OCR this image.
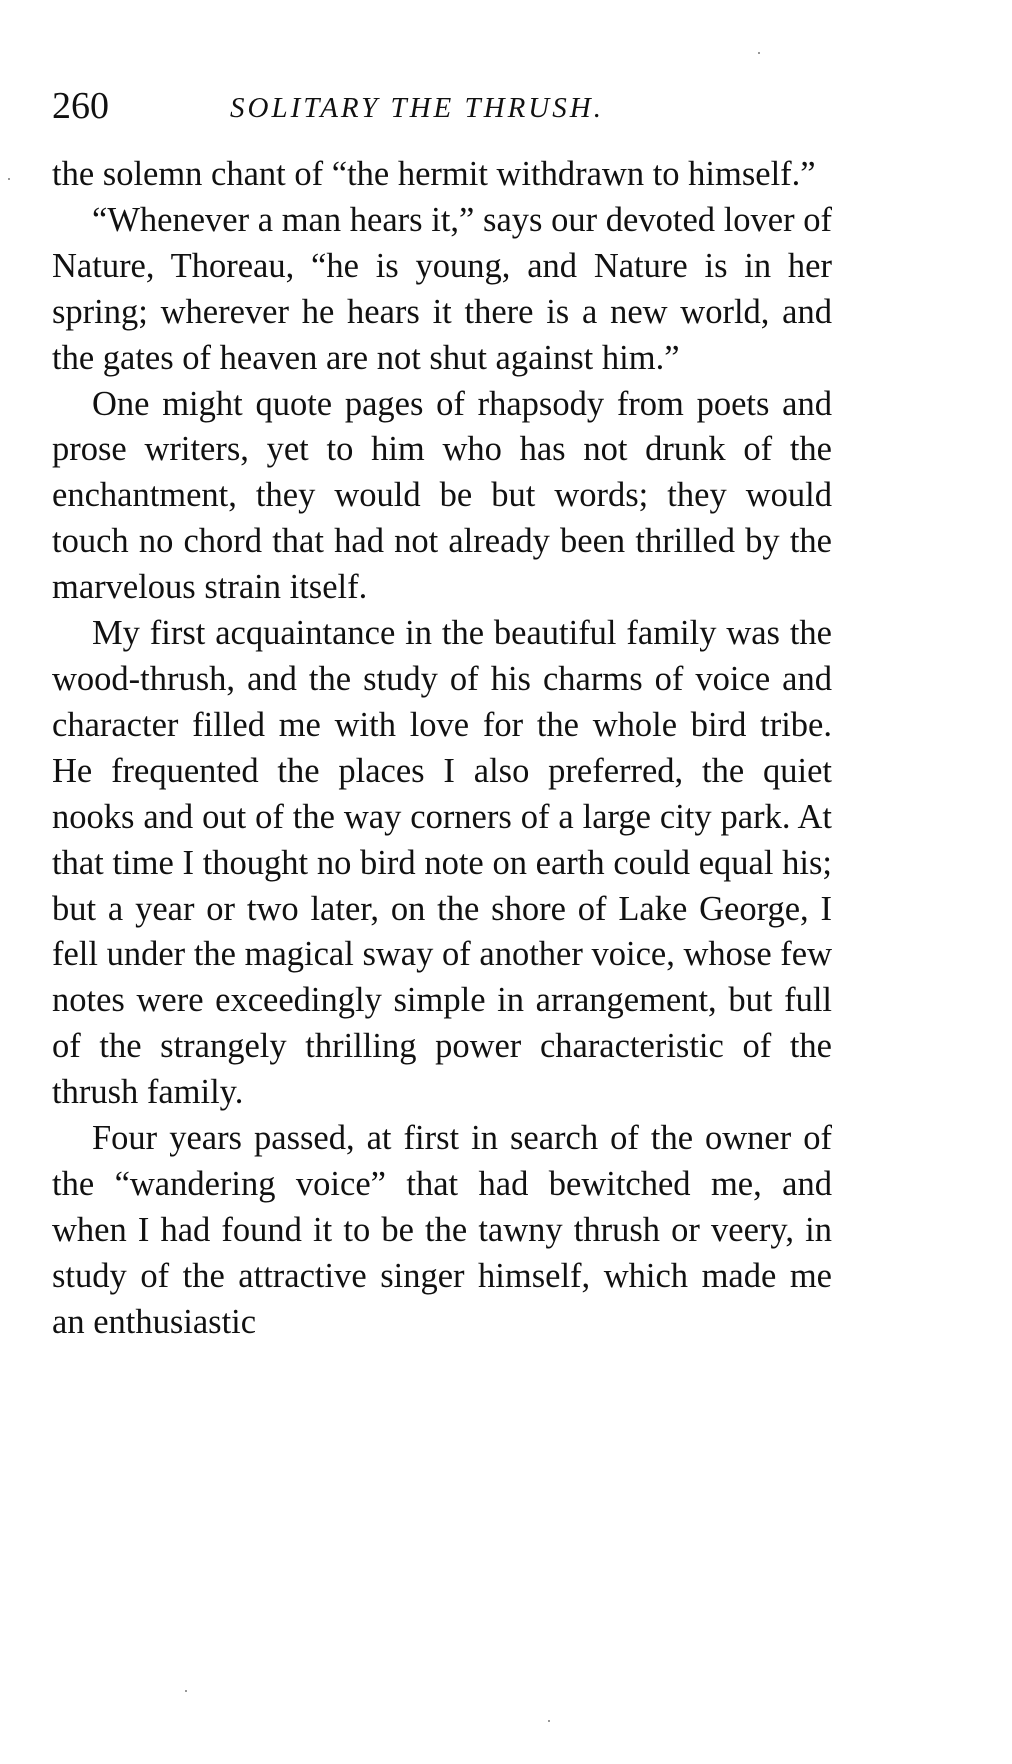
260	SOLITARY THE THRUSH.

the solemn chant of “the hermit withdrawn to himself.”

“Whenever a man hears it,” says our devoted lover of Nature, Thoreau, “he is young, and Nature is in her spring; wherever he hears it there is a new world, and the gates of heaven are not shut against him.”

One might quote pages of rhapsody from poets and prose writers, yet to him who has not drunk of the enchantment, they would be but words; they would touch no chord that had not already been thrilled by the marvelous strain itself.

My first acquaintance in the beautiful family was the wood-thrush, and the study of his charms of voice and character filled me with love for the whole bird tribe. He frequented the places I also preferred, the quiet nooks and out of the way corners of a large city park. At that time I thought no bird note on earth could equal his; but a year or two later, on the shore of Lake George, I fell under the magical sway of another voice, whose few notes were exceedingly simple in arrangement, but full of the strangely thrilling power characteristic of the thrush family.

Four years passed, at first in search of the owner of the “wandering voice” that had bewitched me, and when I had found it to be the tawny thrush or veery, in study of the attractive singer himself, which made me an enthusiastic
